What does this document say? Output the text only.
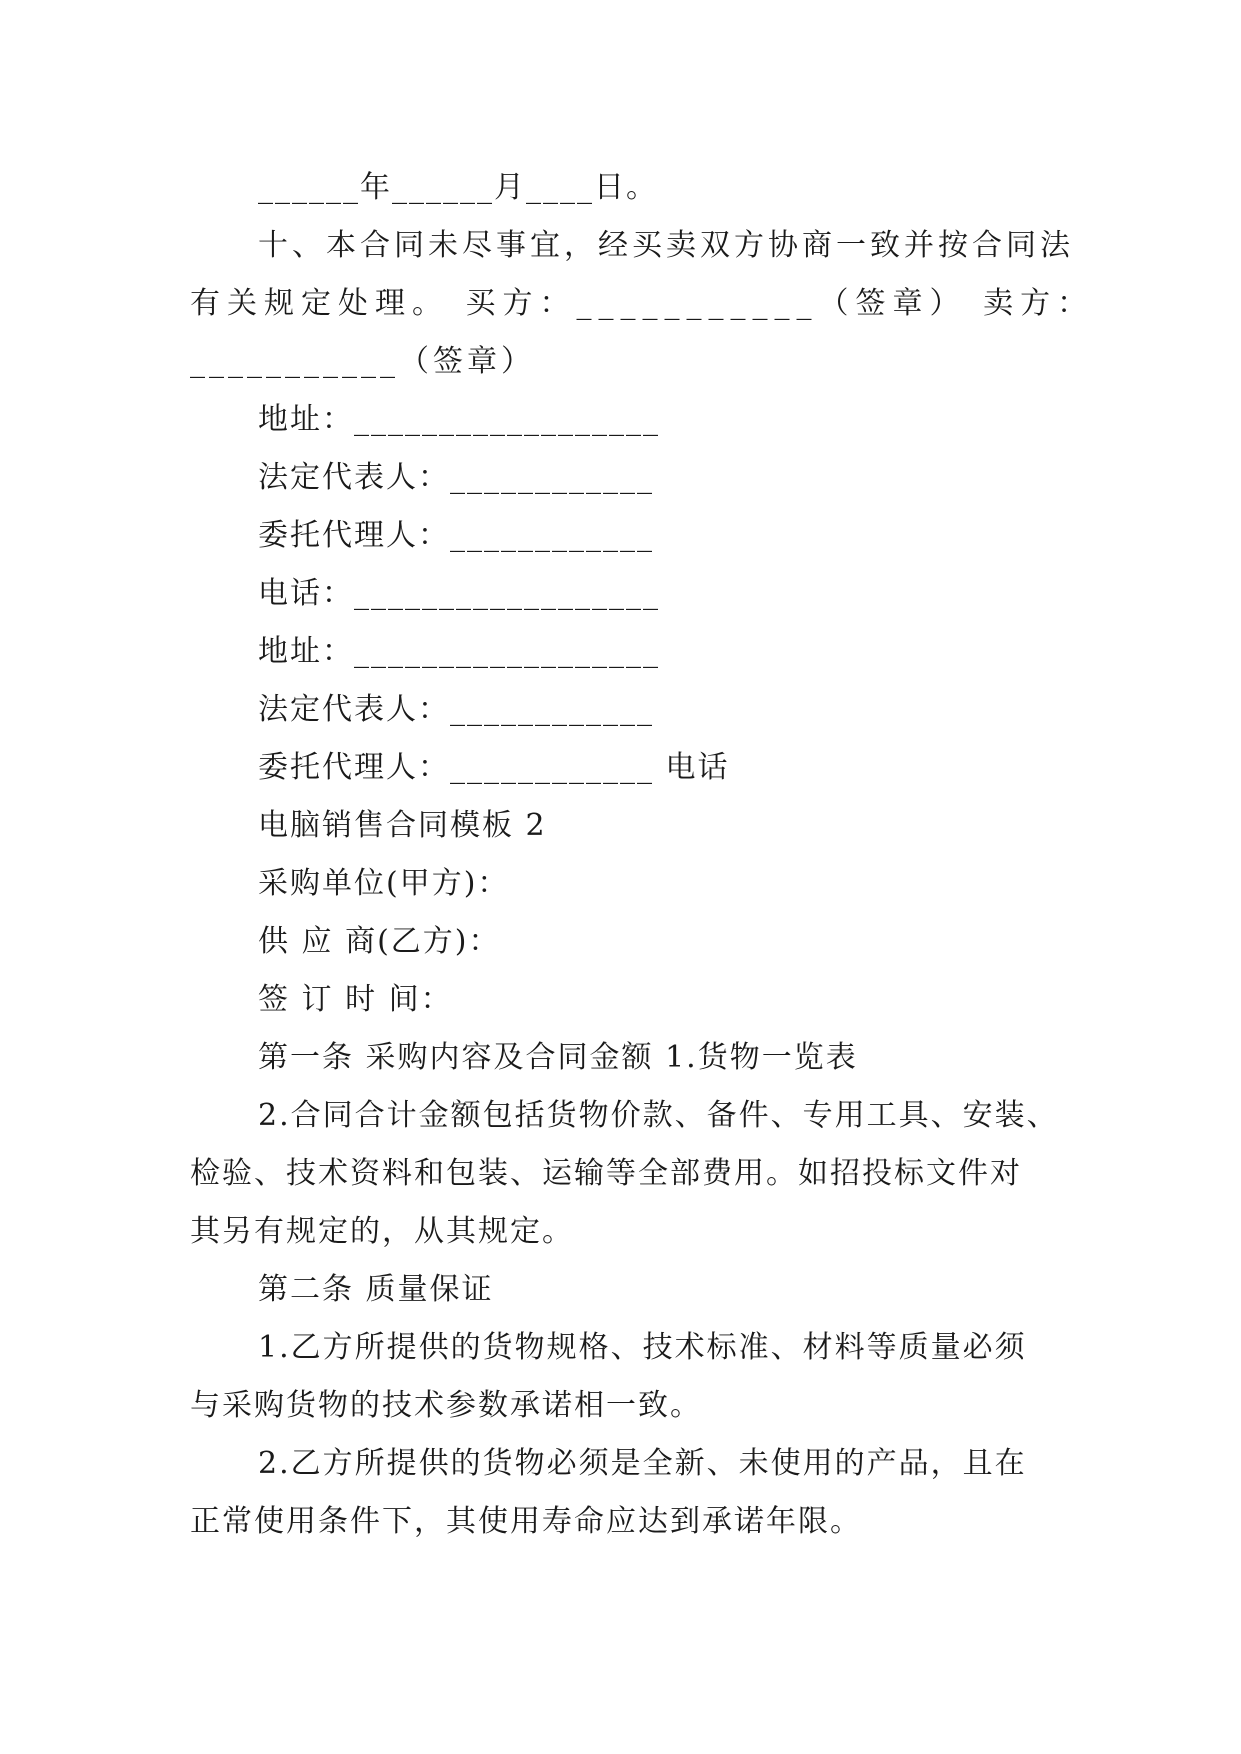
______年______月____日。
十、本合同未尽事宜，经买卖双方协商一致并按合同法
有关规定处理。 买方：___________（签章） 卖方：
___________（签章）
地址：__________________
法定代表人：____________
委托代理人：____________
电话：__________________
地址：__________________
法定代表人：____________
委托代理人：____________ 电话
电脑销售合同模板 2
采购单位(甲方)：
供 应 商(乙方)：
签 订 时 间：
第一条 采购内容及合同金额 1.货物一览表
2.合同合计金额包括货物价款、备件、专用工具、安装、
检验、技术资料和包装、运输等全部费用。如招投标文件对
其另有规定的，从其规定。
第二条 质量保证
1.乙方所提供的货物规格、技术标准、材料等质量必须
与采购货物的技术参数承诺相一致。
2.乙方所提供的货物必须是全新、未使用的产品，且在
正常使用条件下，其使用寿命应达到承诺年限。
